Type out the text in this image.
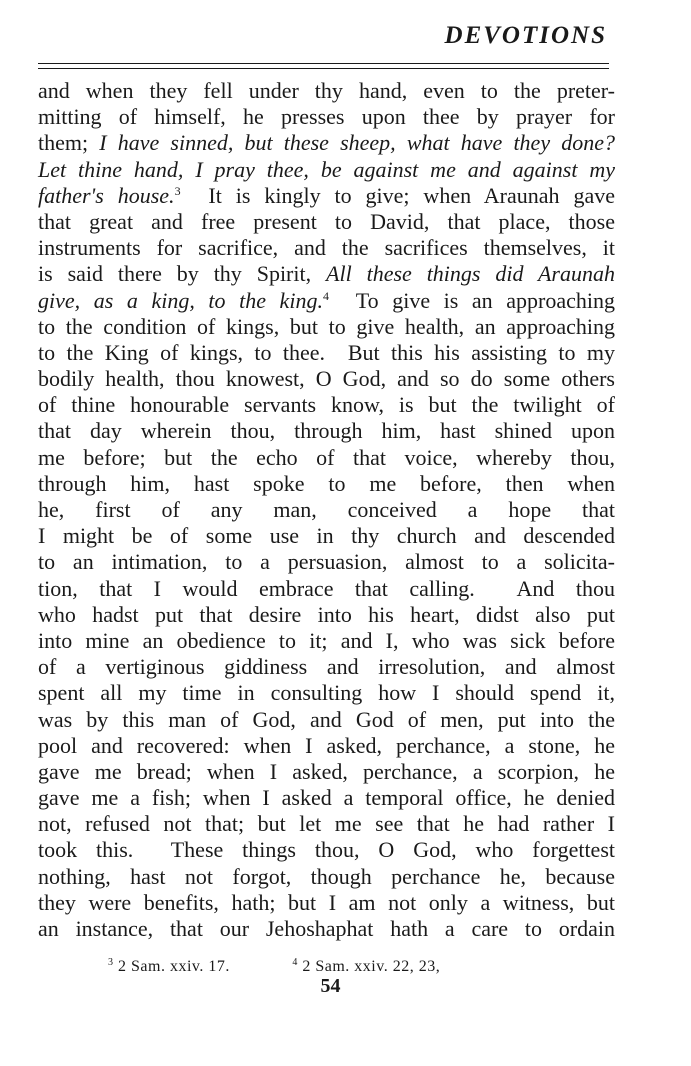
DEVOTIONS
and when they fell under thy hand, even to the preter-
mitting of himself, he presses upon thee by prayer for
them; I have sinned, but these sheep, what have they done?
Let thine hand, I pray thee, be against me and against my
father's house.$^3$  It is kingly to give; when Araunah gave
that great and free present to David, that place, those
instruments for sacrifice, and the sacrifices themselves, it
is said there by thy Spirit, All these things did Araunah
give, as a king, to the king.$^4$  To give is an approaching
to the condition of kings, but to give health, an approaching
to the King of kings, to thee.  But this his assisting to my
bodily health, thou knowest, O God, and so do some others
of thine honourable servants know, is but the twilight of
that day wherein thou, through him, hast shined upon
me before; but the echo of that voice, whereby thou,
through him, hast spoke to me before, then when
he, first of any man, conceived a hope that
I might be of some use in thy church and descended
to an intimation, to a persuasion, almost to a solicita-
tion, that I would embrace that calling.  And thou
who hadst put that desire into his heart, didst also put
into mine an obedience to it; and I, who was sick before
of a vertiginous giddiness and irresolution, and almost
spent all my time in consulting how I should spend it,
was by this man of God, and God of men, put into the
pool and recovered: when I asked, perchance, a stone, he
gave me bread; when I asked, perchance, a scorpion, he
gave me a fish; when I asked a temporal office, he denied
not, refused not that; but let me see that he had rather I
took this.  These things thou, O God, who forgettest
nothing, hast not forgot, though perchance he, because
they were benefits, hath; but I am not only a witness, but
an instance, that our Jehoshaphat hath a care to ordain
$^3$ 2 Sam. xxiv. 17.	$^4$ 2 Sam. xxiv. 22, 23,
54
